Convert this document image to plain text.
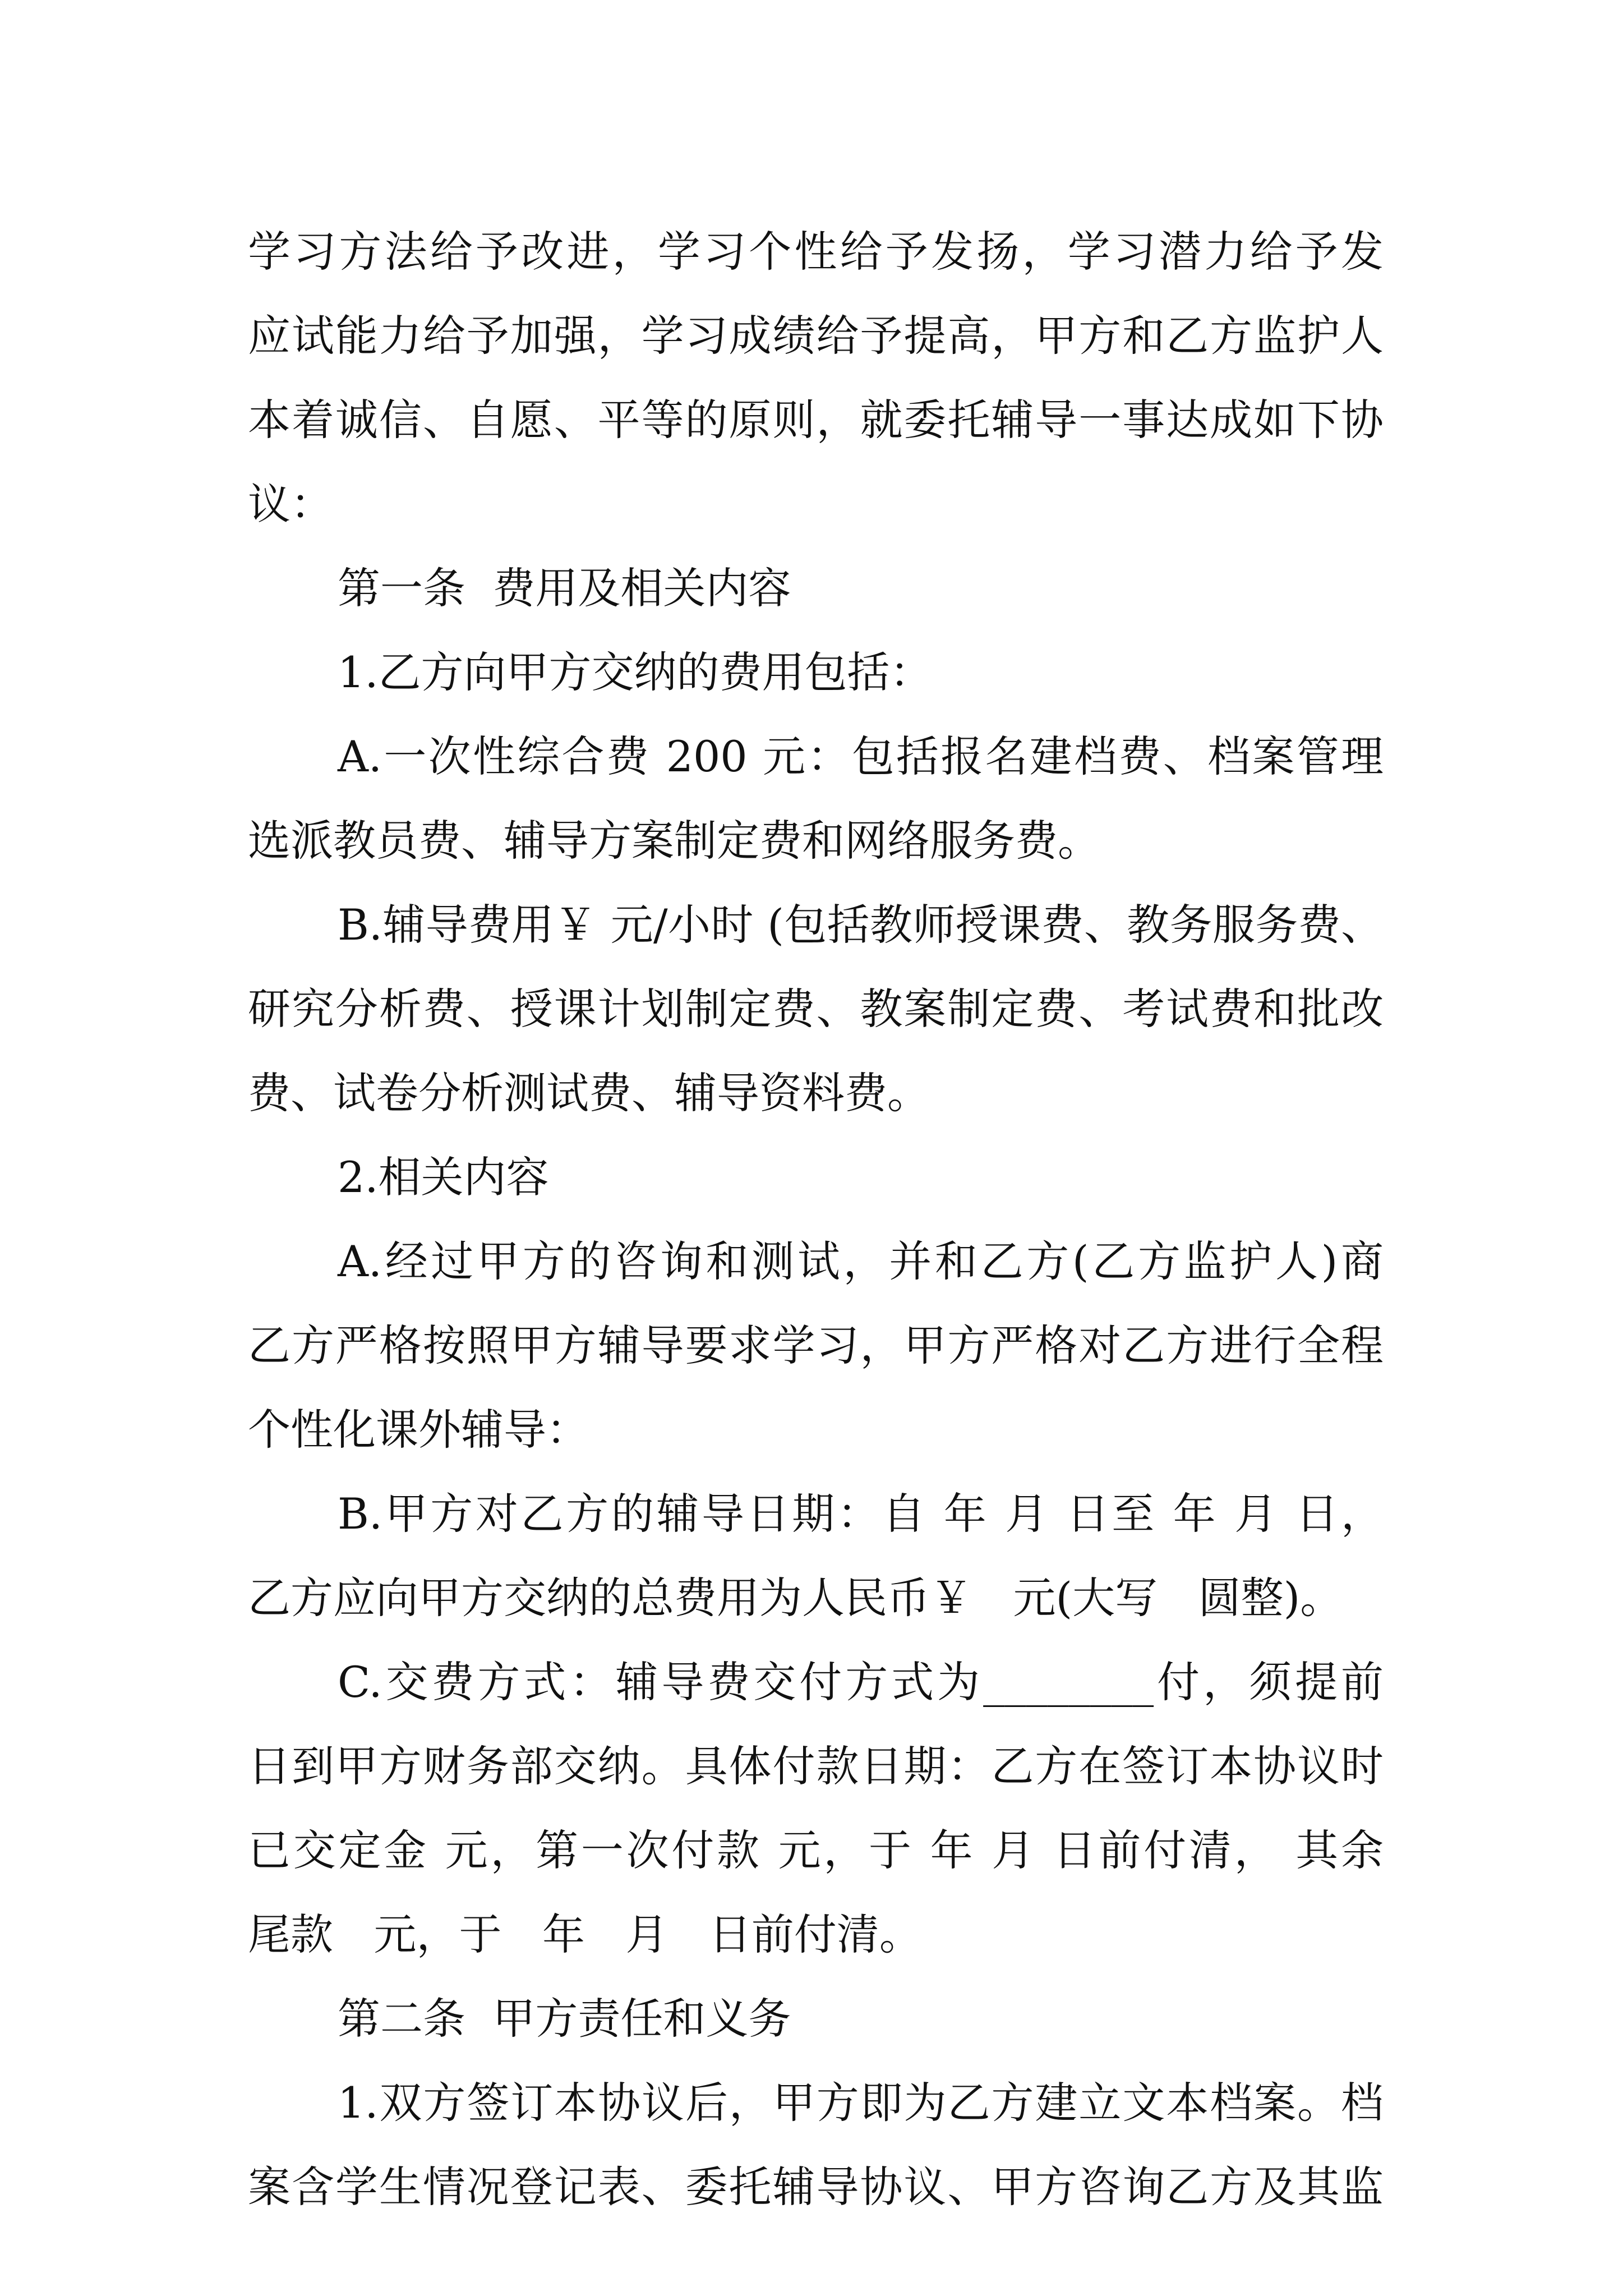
学习方法给予改进，学习个性给予发扬，学习潜力给予发
应试能力给予加强，学习成绩给予提高，甲方和乙方监护人
本着诚信、自愿、平等的原则，就委托辅导一事达成如下协
议：
第一条  费用及相关内容
1.乙方向甲方交纳的费用包括：
A.一次性综合费 200 元：包括报名建档费、档案管理
选派教员费、辅导方案制定费和网络服务费。
B.辅导费用￥ 元/小时 (包括教师授课费、教务服务费、
研究分析费、授课计划制定费、教案制定费、考试费和批改
费、试卷分析测试费、辅导资料费。
2.相关内容
A.经过甲方的咨询和测试，并和乙方(乙方监护人)商
乙方严格按照甲方辅导要求学习，甲方严格对乙方进行全程
个性化课外辅导：
B.甲方对乙方的辅导日期：自 年 月 日至 年 月 日，
乙方应向甲方交纳的总费用为人民币￥   元(大写   圆整)。
C.交费方式：辅导费交付方式为________付，须提前
日到甲方财务部交纳。具体付款日期：乙方在签订本协议时
已交定金 元，第一次付款 元，于 年 月 日前付清， 其余
尾款   元，于   年   月   日前付清。
第二条  甲方责任和义务
1.双方签订本协议后，甲方即为乙方建立文本档案。档
案含学生情况登记表、委托辅导协议、甲方咨询乙方及其监
